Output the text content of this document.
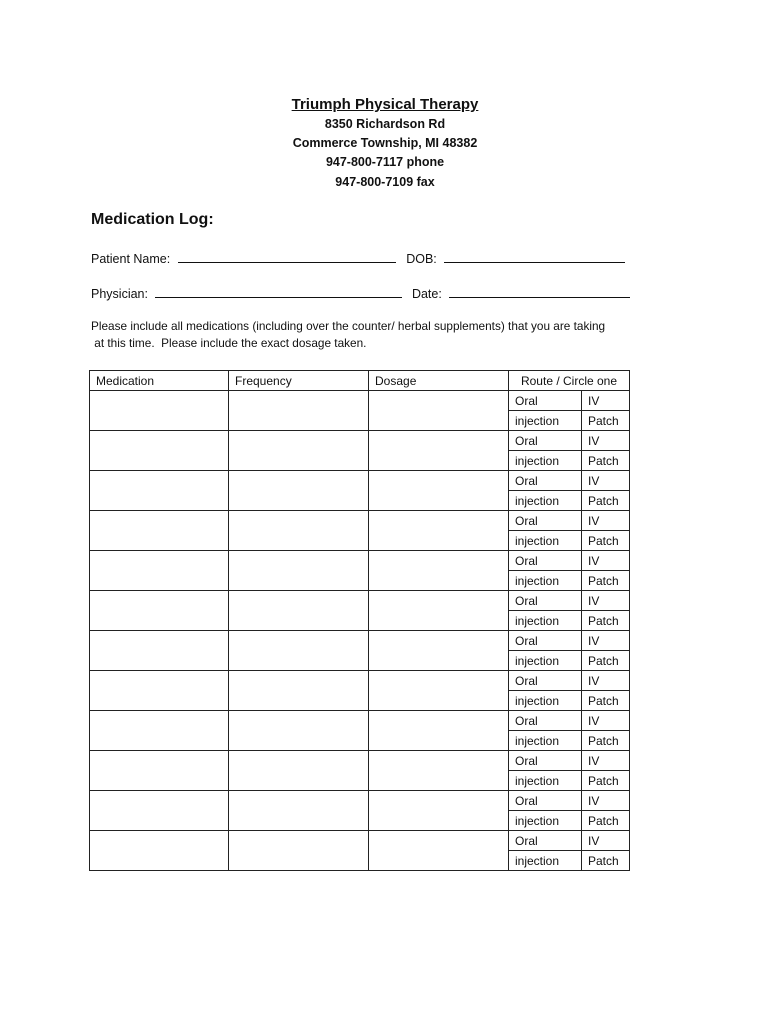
Triumph Physical Therapy
8350 Richardson Rd
Commerce Township, MI 48382
947-800-7117 phone
947-800-7109 fax
Medication Log:
Patient Name:	DOB:
Physician:	Date:
Please include all medications (including over the counter/ herbal supplements) that you are taking
at this time.  Please include the exact dosage taken.
Medication	Frequency	Dosage	Route / Circle one	
			Oral	IV
			injection	Patch
			Oral	IV
			injection	Patch
			Oral	IV
			injection	Patch
			Oral	IV
			injection	Patch
			Oral	IV
			injection	Patch
			Oral	IV
			injection	Patch
			Oral	IV
			injection	Patch
			Oral	IV
			injection	Patch
			Oral	IV
			injection	Patch
			Oral	IV
			injection	Patch
			Oral	IV
			injection	Patch
			Oral	IV
			injection	Patch
